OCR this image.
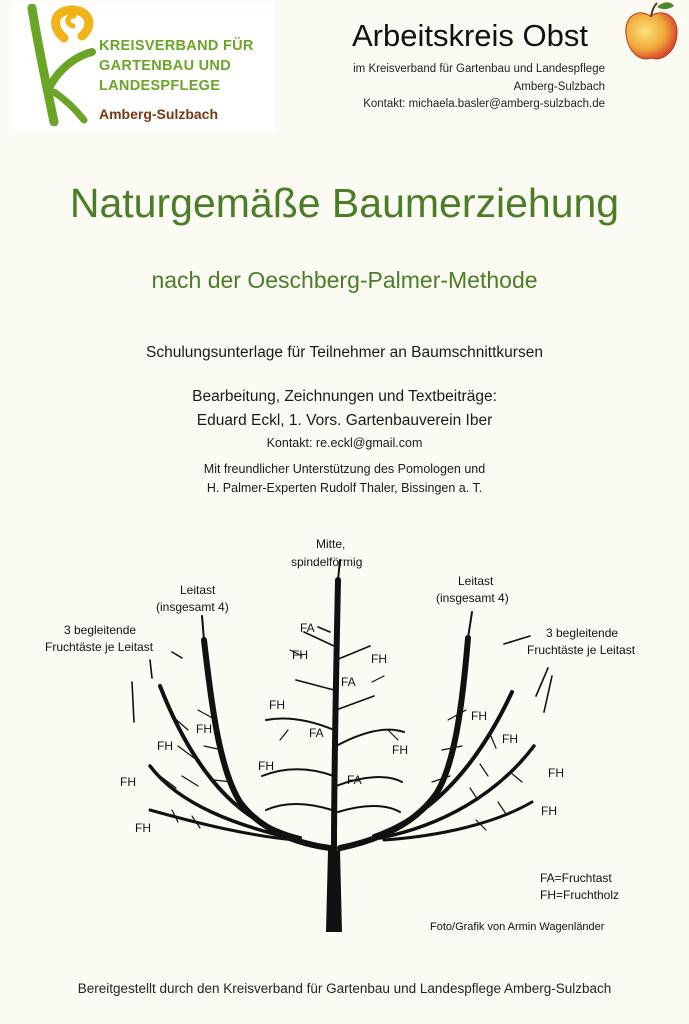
KREISVERBAND FÜR
GARTENBAU UND
LANDESPFLEGE
Amberg-Sulzbach
Arbeitskreis Obst
im Kreisverband für Gartenbau und Landespflege
Amberg-Sulzbach
Kontakt: michaela.basler@amberg-sulzbach.de
Naturgemäße Baumerziehung
nach der Oeschberg-Palmer-Methode
Schulungsunterlage für Teilnehmer an Baumschnittkursen
Bearbeitung, Zeichnungen und Textbeiträge:
Eduard Eckl, 1. Vors. Gartenbauverein Iber
Kontakt: re.eckl@gmail.com
Mit freundlicher Unterstützung des Pomologen und
H. Palmer-Experten Rudolf Thaler, Bissingen a. T.
Mitte,
spindelförmig
Leitast
(insgesamt 4)
Leitast
(insgesamt 4)
3 begleitende
Fruchtäste je Leitast
3 begleitende
Fruchtäste je Leitast
FA
FA
FA
FA
FH	FH
FH
FH
FH	FH
FH
FH
FH
FH
FH
FH
FH
FA=Fruchtast
FH=Fruchtholz
Foto/Grafik von Armin Wagenländer
Bereitgestellt durch den Kreisverband für Gartenbau und Landespflege Amberg-Sulzbach
